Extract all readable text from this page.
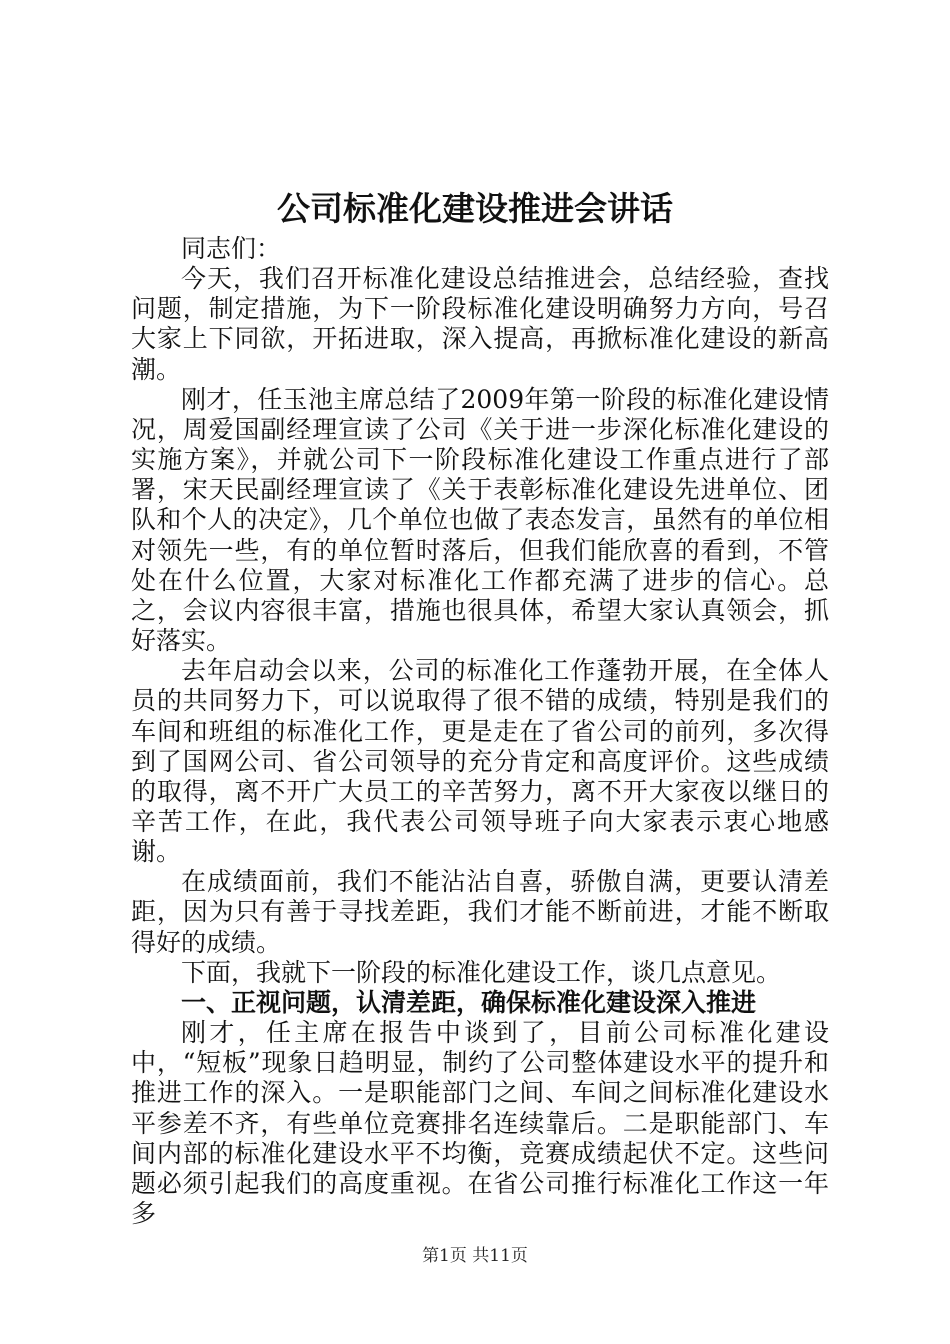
公司标准化建设推进会讲话

同志们：

今天，我们召开标准化建设总结推进会，总结经验，查找问题，制定措施，为下一阶段标准化建设明确努力方向，号召大家上下同欲，开拓进取，深入提高，再掀标准化建设的新高潮。

刚才，任玉池主席总结了2009年第一阶段的标准化建设情况，周爱国副经理宣读了公司《关于进一步深化标准化建设的实施方案》，并就公司下一阶段标准化建设工作重点进行了部署，宋天民副经理宣读了《关于表彰标准化建设先进单位、团队和个人的决定》，几个单位也做了表态发言，虽然有的单位相对领先一些，有的单位暂时落后，但我们能欣喜的看到，不管处在什么位置，大家对标准化工作都充满了进步的信心。总之，会议内容很丰富，措施也很具体，希望大家认真领会，抓好落实。

去年启动会以来，公司的标准化工作蓬勃开展，在全体人员的共同努力下，可以说取得了很不错的成绩，特别是我们的车间和班组的标准化工作，更是走在了省公司的前列，多次得到了国网公司、省公司领导的充分肯定和高度评价。这些成绩的取得，离不开广大员工的辛苦努力，离不开大家夜以继日的辛苦工作，在此，我代表公司领导班子向大家表示衷心地感谢。

在成绩面前，我们不能沾沾自喜，骄傲自满，更要认清差距，因为只有善于寻找差距，我们才能不断前进，才能不断取得好的成绩。

下面，我就下一阶段的标准化建设工作，谈几点意见。

一、正视问题，认清差距，确保标准化建设深入推进

刚才，任主席在报告中谈到了，目前公司标准化建设中，“短板”现象日趋明显，制约了公司整体建设水平的提升和推进工作的深入。一是职能部门之间、车间之间标准化建设水平参差不齐，有些单位竞赛排名连续靠后。二是职能部门、车间内部的标准化建设水平不均衡，竞赛成绩起伏不定。这些问题必须引起我们的高度重视。在省公司推行标准化工作这一年多

第1页 共11页
